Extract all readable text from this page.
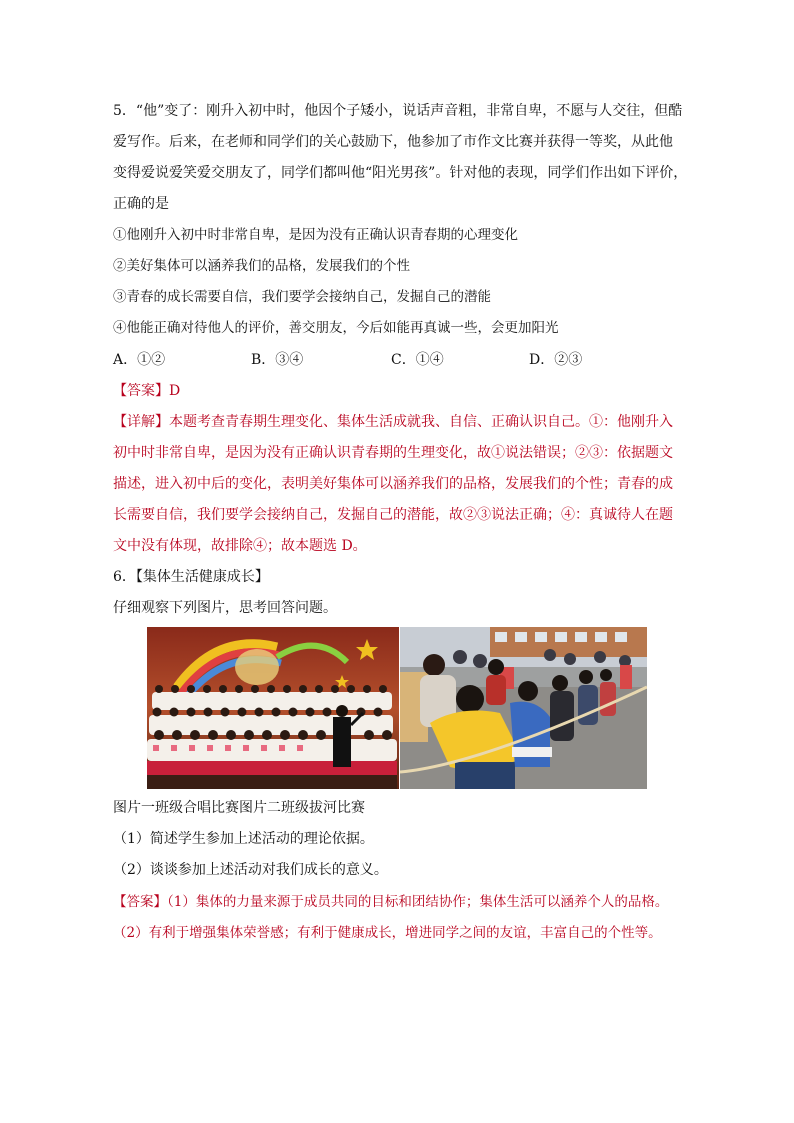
5．“他”变了：刚升入初中时，他因个子矮小，说话声音粗，非常自卑，不愿与人交往，但酷
爱写作。后来，在老师和同学们的关心鼓励下，他参加了市作文比赛并获得一等奖，从此他
变得爱说爱笑爱交朋友了，同学们都叫他“阳光男孩”。针对他的表现，同学们作出如下评价，
正确的是
①他刚升入初中时非常自卑，是因为没有正确认识青春期的心理变化
②美好集体可以涵养我们的品格，发展我们的个性
③青春的成长需要自信，我们要学会接纳自己，发掘自己的潜能
④他能正确对待他人的评价，善交朋友，今后如能再真诚一些，会更加阳光
A．①②	B．③④	C．①④	D．②③
【答案】D
【详解】本题考查青春期生理变化、集体生活成就我、自信、正确认识自己。①：他刚升入
初中时非常自卑，是因为没有正确认识青春期的生理变化，故①说法错误；②③：依据题文
描述，进入初中后的变化，表明美好集体可以涵养我们的品格，发展我们的个性；青春的成
长需要自信，我们要学会接纳自己，发掘自己的潜能，故②③说法正确；④：真诚待人在题
文中没有体现，故排除④；故本题选 D。
6．【集体生活健康成长】
仔细观察下列图片，思考回答问题。
图片一班级合唱比赛图片二班级拔河比赛
（1）简述学生参加上述活动的理论依据。
（2）谈谈参加上述活动对我们成长的意义。
【答案】（1）集体的力量来源于成员共同的目标和团结协作；集体生活可以涵养个人的品格。
（2）有利于增强集体荣誉感；有利于健康成长，增进同学之间的友谊，丰富自己的个性等。
